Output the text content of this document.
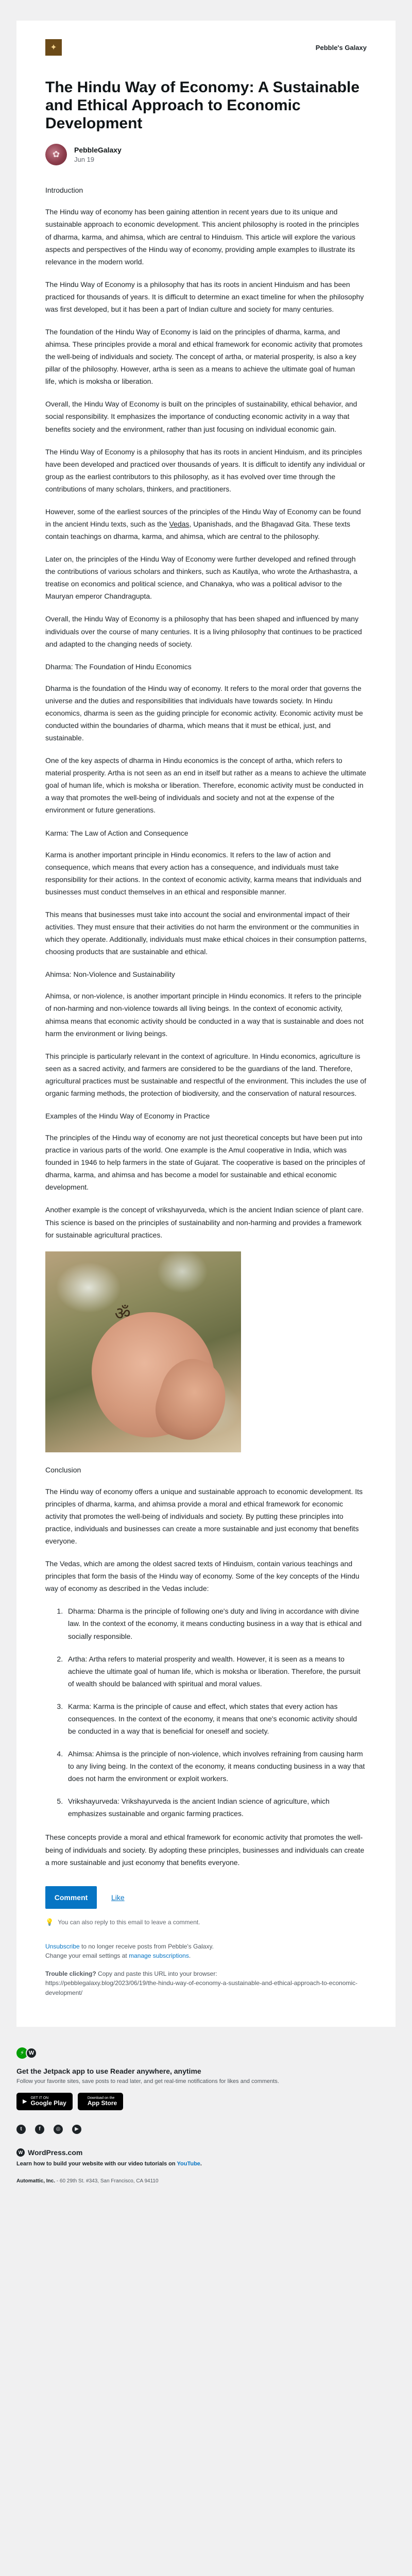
✦	Pebble's Galaxy
The Hindu Way of Economy: A Sustainable and Ethical Approach to Economic Development
✿	PebbleGalaxy
Jun 19

Introduction

The Hindu way of economy has been gaining attention in recent years due to its unique and sustainable approach to economic development. This ancient philosophy is rooted in the principles of dharma, karma, and ahimsa, which are central to Hinduism. This article will explore the various aspects and perspectives of the Hindu way of economy, providing ample examples to illustrate its relevance in the modern world.

The Hindu Way of Economy is a philosophy that has its roots in ancient Hinduism and has been practiced for thousands of years. It is difficult to determine an exact timeline for when the philosophy was first developed, but it has been a part of Indian culture and society for many centuries.

The foundation of the Hindu Way of Economy is laid on the principles of dharma, karma, and ahimsa. These principles provide a moral and ethical framework for economic activity that promotes the well-being of individuals and society. The concept of artha, or material prosperity, is also a key pillar of the philosophy. However, artha is seen as a means to achieve the ultimate goal of human life, which is moksha or liberation.

Overall, the Hindu Way of Economy is built on the principles of sustainability, ethical behavior, and social responsibility. It emphasizes the importance of conducting economic activity in a way that benefits society and the environment, rather than just focusing on individual economic gain.

The Hindu Way of Economy is a philosophy that has its roots in ancient Hinduism, and its principles have been developed and practiced over thousands of years. It is difficult to identify any individual or group as the earliest contributors to this philosophy, as it has evolved over time through the contributions of many scholars, thinkers, and practitioners.

However, some of the earliest sources of the principles of the Hindu Way of Economy can be found in the ancient Hindu texts, such as the Vedas, Upanishads, and the Bhagavad Gita. These texts contain teachings on dharma, karma, and ahimsa, which are central to the philosophy.

Later on, the principles of the Hindu Way of Economy were further developed and refined through the contributions of various scholars and thinkers, such as Kautilya, who wrote the Arthashastra, a treatise on economics and political science, and Chanakya, who was a political advisor to the Mauryan emperor Chandragupta.

Overall, the Hindu Way of Economy is a philosophy that has been shaped and influenced by many individuals over the course of many centuries. It is a living philosophy that continues to be practiced and adapted to the changing needs of society.

Dharma: The Foundation of Hindu Economics

Dharma is the foundation of the Hindu way of economy. It refers to the moral order that governs the universe and the duties and responsibilities that individuals have towards society. In Hindu economics, dharma is seen as the guiding principle for economic activity. Economic activity must be conducted within the boundaries of dharma, which means that it must be ethical, just, and sustainable.

One of the key aspects of dharma in Hindu economics is the concept of artha, which refers to material prosperity. Artha is not seen as an end in itself but rather as a means to achieve the ultimate goal of human life, which is moksha or liberation. Therefore, economic activity must be conducted in a way that promotes the well-being of individuals and society and not at the expense of the environment or future generations.

Karma: The Law of Action and Consequence

Karma is another important principle in Hindu economics. It refers to the law of action and consequence, which means that every action has a consequence, and individuals must take responsibility for their actions. In the context of economic activity, karma means that individuals and businesses must conduct themselves in an ethical and responsible manner.

This means that businesses must take into account the social and environmental impact of their activities. They must ensure that their activities do not harm the environment or the communities in which they operate. Additionally, individuals must make ethical choices in their consumption patterns, choosing products that are sustainable and ethical.

Ahimsa: Non-Violence and Sustainability

Ahimsa, or non-violence, is another important principle in Hindu economics. It refers to the principle of non-harming and non-violence towards all living beings. In the context of economic activity, ahimsa means that economic activity should be conducted in a way that is sustainable and does not harm the environment or living beings.

This principle is particularly relevant in the context of agriculture. In Hindu economics, agriculture is seen as a sacred activity, and farmers are considered to be the guardians of the land. Therefore, agricultural practices must be sustainable and respectful of the environment. This includes the use of organic farming methods, the protection of biodiversity, and the conservation of natural resources.

Examples of the Hindu Way of Economy in Practice

The principles of the Hindu way of economy are not just theoretical concepts but have been put into practice in various parts of the world. One example is the Amul cooperative in India, which was founded in 1946 to help farmers in the state of Gujarat. The cooperative is based on the principles of dharma, karma, and ahimsa and has become a model for sustainable and ethical economic development.

Another example is the concept of vrikshayurveda, which is the ancient Indian science of plant care. This science is based on the principles of sustainability and non-harming and provides a framework for sustainable agricultural practices.

ॐ

Conclusion

The Hindu way of economy offers a unique and sustainable approach to economic development. Its principles of dharma, karma, and ahimsa provide a moral and ethical framework for economic activity that promotes the well-being of individuals and society. By putting these principles into practice, individuals and businesses can create a more sustainable and just economy that benefits everyone.

The Vedas, which are among the oldest sacred texts of Hinduism, contain various teachings and principles that form the basis of the Hindu way of economy. Some of the key concepts of the Hindu way of economy as described in the Vedas include:

1. Dharma: Dharma is the principle of following one's duty and living in accordance with divine law. In the context of the economy, it means conducting business in a way that is ethical and socially responsible.
2. Artha: Artha refers to material prosperity and wealth. However, it is seen as a means to achieve the ultimate goal of human life, which is moksha or liberation. Therefore, the pursuit of wealth should be balanced with spiritual and moral values.
3. Karma: Karma is the principle of cause and effect, which states that every action has consequences. In the context of the economy, it means that one's economic activity should be conducted in a way that is beneficial for oneself and society.
4. Ahimsa: Ahimsa is the principle of non-violence, which involves refraining from causing harm to any living being. In the context of the economy, it means conducting business in a way that does not harm the environment or exploit workers.
5. Vrikshayurveda: Vrikshayurveda is the ancient Indian science of agriculture, which emphasizes sustainable and organic farming practices.

These concepts provide a moral and ethical framework for economic activity that promotes the well-being of individuals and society. By adopting these principles, businesses and individuals can create a more sustainable and just economy that benefits everyone.

Comment	Like
💡 You can also reply to this email to leave a comment.

Unsubscribe to no longer receive posts from Pebble's Galaxy.
Change your email settings at manage subscriptions.

Trouble clicking? Copy and paste this URL into your browser:
https://pebblegalaxy.blog/2023/06/19/the-hindu-way-of-economy-a-sustainable-and-ethical-approach-to-economic-development/

⚡ W
Get the Jetpack app to use Reader anywhere, anytime
Follow your favorite sites, save posts to read later, and get real-time notifications for likes and comments.
▶
GET IT ON
Google Play
Download on the
App Store
t	f	◎	▶
W WordPress.com
Learn how to build your website with our video tutorials on YouTube.
Automattic, Inc. - 60 29th St. #343, San Francisco, CA 94110
